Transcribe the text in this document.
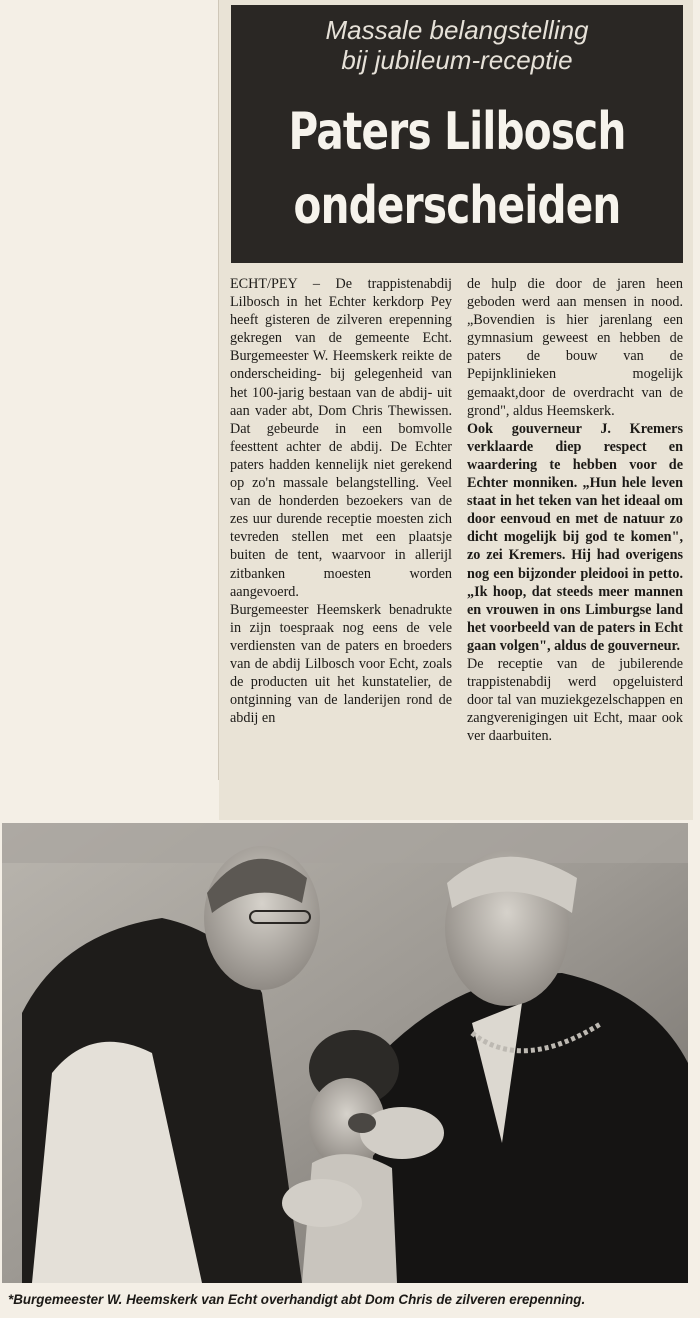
Massale belangstelling
bij jubileum-receptie
Paters Lilbosch
onderscheiden

ECHT/PEY – De trappistenabdij Lilbosch in het Echter kerkdorp Pey heeft gisteren de zilveren erepenning gekregen van de gemeente Echt. Burgemeester W. Heemskerk reikte de onderscheiding- bij gelegenheid van het 100-jarig bestaan van de abdij- uit aan vader abt, Dom Chris Thewissen. Dat gebeurde in een bomvolle feesttent achter de abdij. De Echter paters hadden kennelijk niet gerekend op zo'n massale belangstelling. Veel van de honderden bezoekers van de zes uur durende receptie moesten zich tevreden stellen met een plaatsje buiten de tent, waarvoor in allerijl zitbanken moesten worden aangevoerd.

Burgemeester Heemskerk benadrukte in zijn toespraak nog eens de vele verdiensten van de paters en broeders van de abdij Lilbosch voor Echt, zoals de producten uit het kunstatelier, de ontginning van de landerijen rond de abdij en

de hulp die door de jaren heen geboden werd aan mensen in nood. „Bovendien is hier jarenlang een gymnasium geweest en hebben de paters de bouw van de Pepijnklinieken mogelijk gemaakt,door de overdracht van de grond", aldus Heemskerk.

Ook gouverneur J. Kremers verklaarde diep respect en waardering te hebben voor de Echter monniken. „Hun hele leven staat in het teken van het ideaal om door eenvoud en met de natuur zo dicht mogelijk bij god te komen", zo zei Kremers. Hij had overigens nog een bijzonder pleidooi in petto. „Ik hoop, dat steeds meer mannen en vrouwen in ons Limburgse land het voorbeeld van de paters in Echt gaan volgen", aldus de gouverneur.

De receptie van de jubilerende trappistenabdij werd opgeluisterd door tal van muziekgezelschappen en zangverenigingen uit Echt, maar ook ver daarbuiten.

*Burgemeester W. Heemskerk van Echt overhandigt abt Dom Chris de zilveren erepenning.
